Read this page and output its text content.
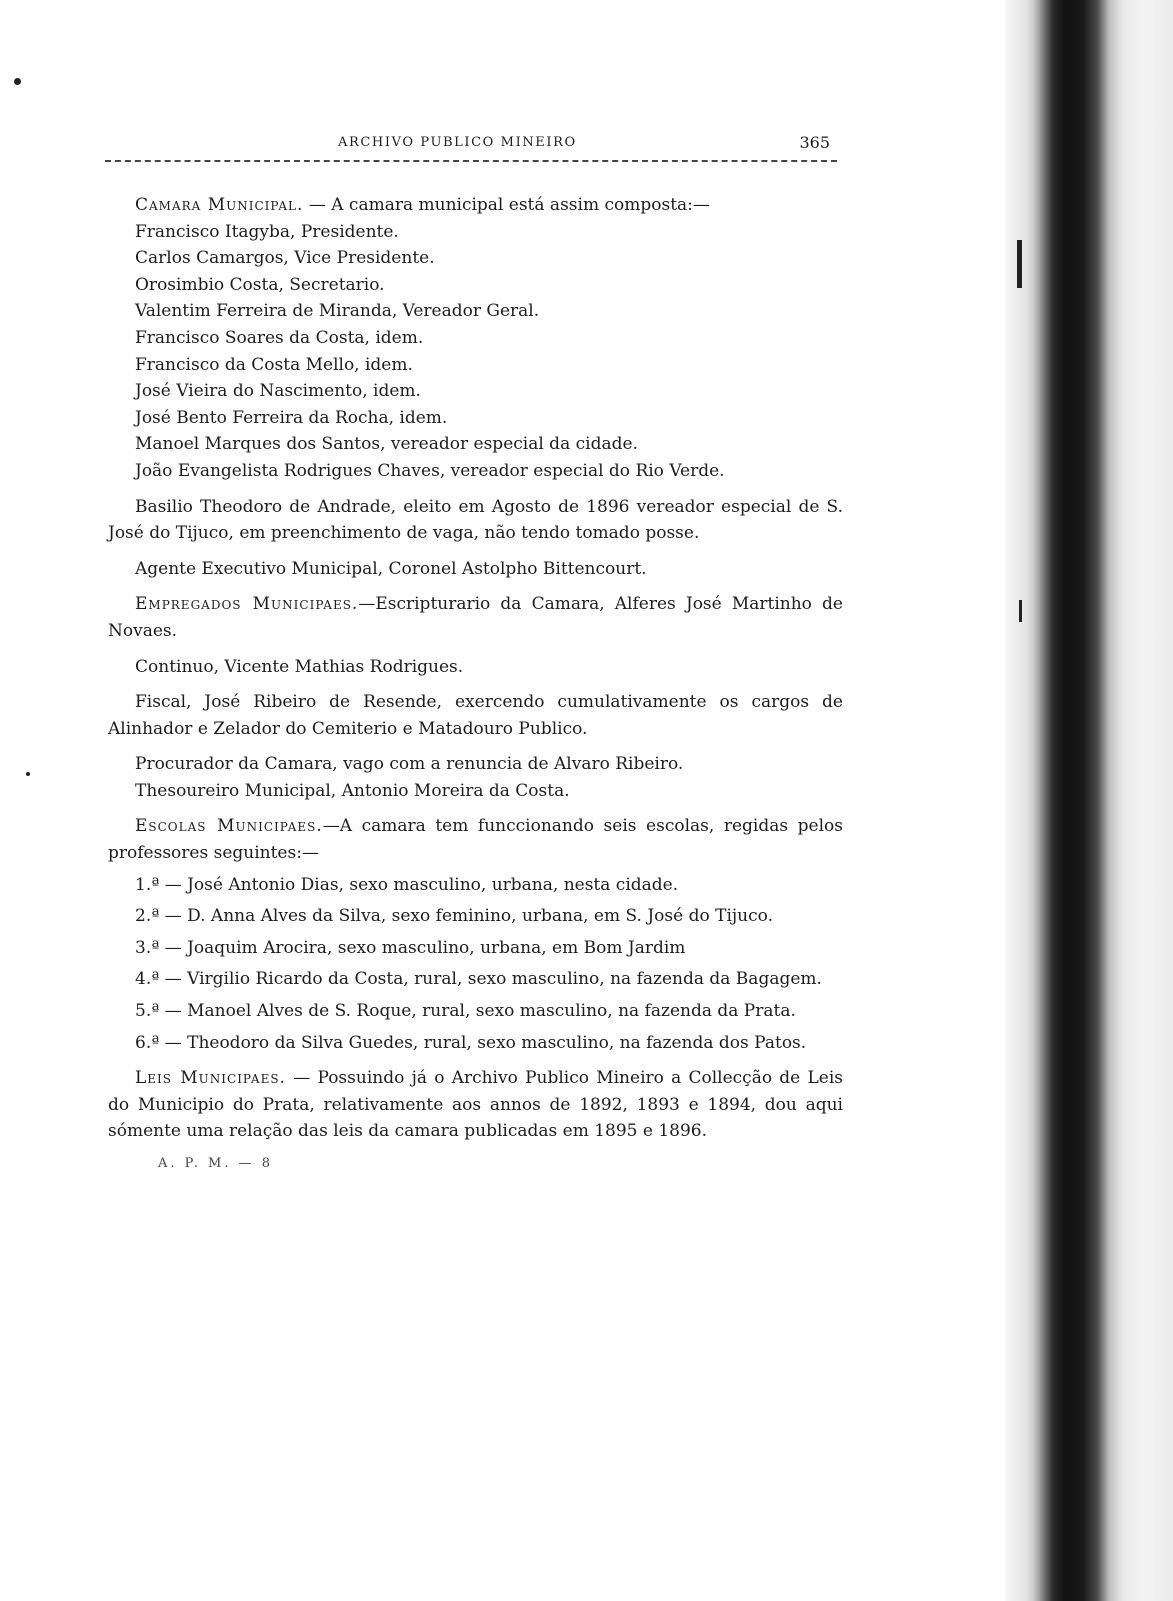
ARCHIVO PUBLICO MINEIRO	365

Camara Municipal. — A camara municipal está assim composta:—

Francisco Itagyba, Presidente.

Carlos Camargos, Vice Presidente.

Orosimbio Costa, Secretario.

Valentim Ferreira de Miranda, Vereador Geral.

Francisco Soares da Costa, idem.

Francisco da Costa Mello, idem.

José Vieira do Nascimento, idem.

José Bento Ferreira da Rocha, idem.

Manoel Marques dos Santos, vereador especial da cidade.

João Evangelista Rodrigues Chaves, vereador especial do Rio Verde.

Basilio Theodoro de Andrade, eleito em Agosto de 1896 vereador especial de S. José do Tijuco, em preenchimento de vaga, não tendo tomado posse.

Agente Executivo Municipal, Coronel Astolpho Bittencourt.

Empregados Municipaes.—Escripturario da Camara, Alferes José Martinho de Novaes.

Continuo, Vicente Mathias Rodrigues.

Fiscal, José Ribeiro de Resende, exercendo cumulativamente os cargos de Alinhador e Zelador do Cemiterio e Matadouro Publico.

Procurador da Camara, vago com a renuncia de Alvaro Ribeiro.

Thesoureiro Municipal, Antonio Moreira da Costa.

Escolas Municipaes.—A camara tem funccionando seis escolas, regidas pelos professores seguintes:—

1.ª — José Antonio Dias, sexo masculino, urbana, nesta cidade.

2.ª — D. Anna Alves da Silva, sexo feminino, urbana, em S. José do Tijuco.

3.ª — Joaquim Arocira, sexo masculino, urbana, em Bom Jardim

4.ª — Virgilio Ricardo da Costa, rural, sexo masculino, na fazenda da Bagagem.

5.ª — Manoel Alves de S. Roque, rural, sexo masculino, na fazenda da Prata.

6.ª — Theodoro da Silva Guedes, rural, sexo masculino, na fazenda dos Patos.

Leis Municipaes. — Possuindo já o Archivo Publico Mineiro a Collecção de Leis do Municipio do Prata, relativamente aos annos de 1892, 1893 e 1894, dou aqui sómente uma relação das leis da camara publicadas em 1895 e 1896.

A. P. M. — 8
